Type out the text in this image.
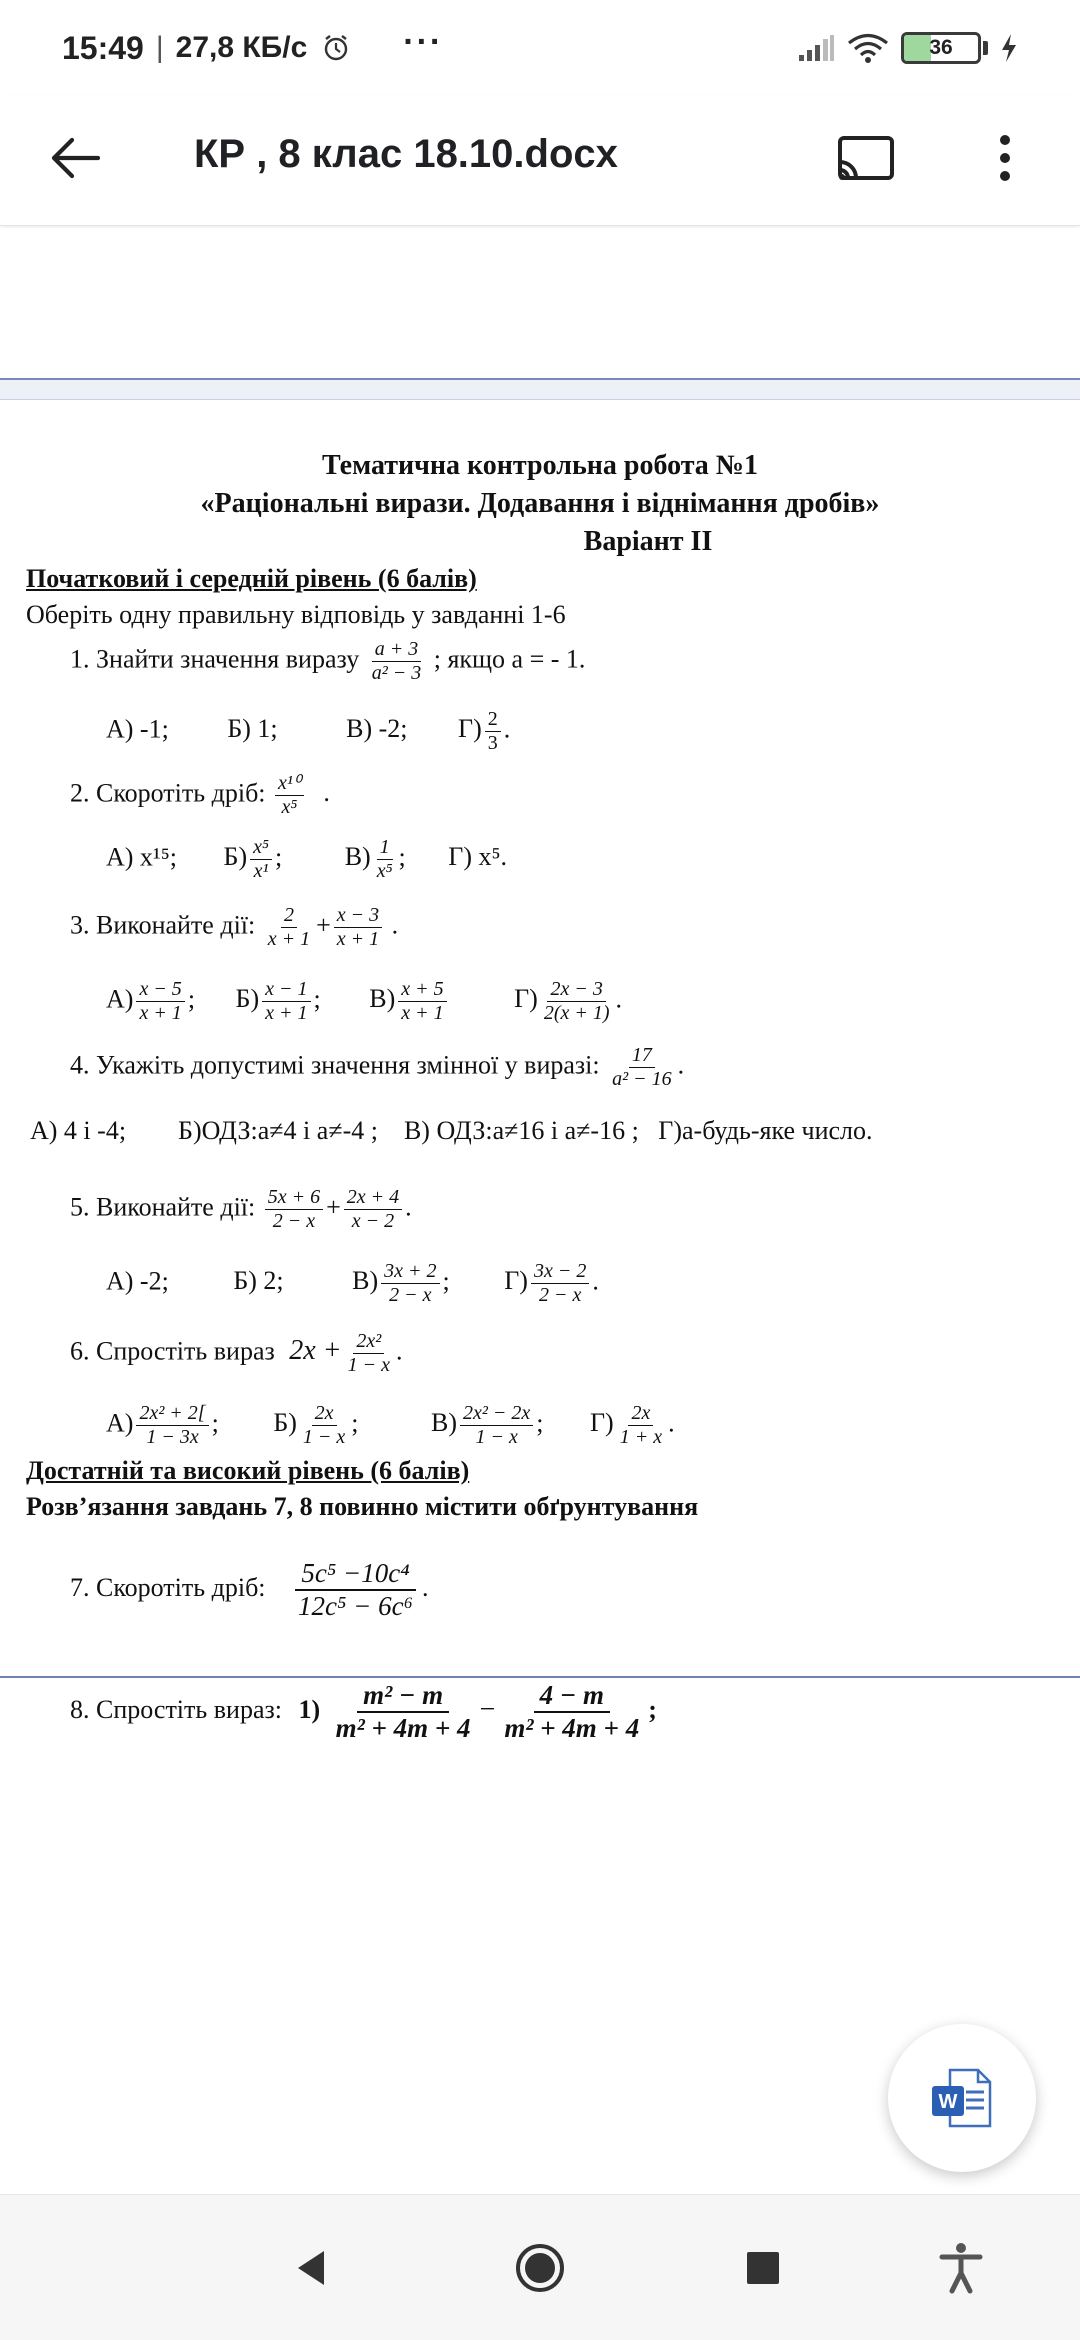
15:49 | 27,8 КБ/с	···	36
КР , 8 клас 18.10.docx
Тематична контрольна робота №1
«Раціональні вирази. Додавання і віднімання дробів»
Варіант ІІ
Початковий і середній рівень (6 балів)
Оберіть одну правильну відповідь у завданні 1-6
1. Знайти значення виразу $\frac{a + 3}{\text{a² − 3}}$ ; якщо a = - 1.
А) -1; Б) 1;	В) -2; $Г) \frac{2}{3}$ .
2. Скоротіть дріб: $\frac{\text{x¹⁰}}{\text{x⁵}}$ .
А) x¹⁵; $Б) \frac{\text{x⁵}}{\text{x¹}}$ ; $В) \frac{1}{\text{x⁵}}$ ; Г) x⁵.
3. Виконайте дії: $\frac{2}{x + 1} + \frac{x - 3}{x + 1}$ .
$А) \frac{x - 5}{x + 1}$ ; $Б) \frac{x - 1}{x + 1}$ ; $В) \frac{x + 5}{x + 1}$	$Г) \frac{2x - 3}{2(x + 1)}$ .
4. Укажіть допустимі значення змінної у виразі: $\frac{17}{\text{a² − 16}}$ .
А) 4 і -4;        Б)ОДЗ:a≠4 і a≠-4 ;    В) ОДЗ:a≠16 і a≠-16 ;   Г)a-будь-яке число.
5. Виконайте дії: $\frac{5x + 6}{2 - x} + \frac{2x + 4}{x - 2}$ .
А) -2; Б) 2;	$В) \frac{3x + 2}{2 - x}$ ; $Г) \frac{3x - 2}{2 - x}$ .
6. Спростіть вираз $2x + \frac{\text{2x²}}{1 - x}$ .
$А) \frac{\text{2x² + 2[}}{1 - 3x}$ ; $Б) \frac{2x}{1 - x}$ ;	$В) \frac{\text{2x² − 2x}}{1 - x}$ ; $Г) \frac{2x}{1 + x}$ .
Достатній та високий рівень (6 балів)
Розв’язання завдань 7, 8 повинно містити обґрунтування
7. Скоротіть дріб: $\frac{\text{5c⁵ −10c⁴}}{\text{12c⁵ − 6c⁶}}$ .
8. Спростіть вираз: $1) \frac{\text{m² − m}}{\text{m² + 4m + 4}} - \frac{4 - m}{\text{m² + 4m + 4}}$ ;
W
